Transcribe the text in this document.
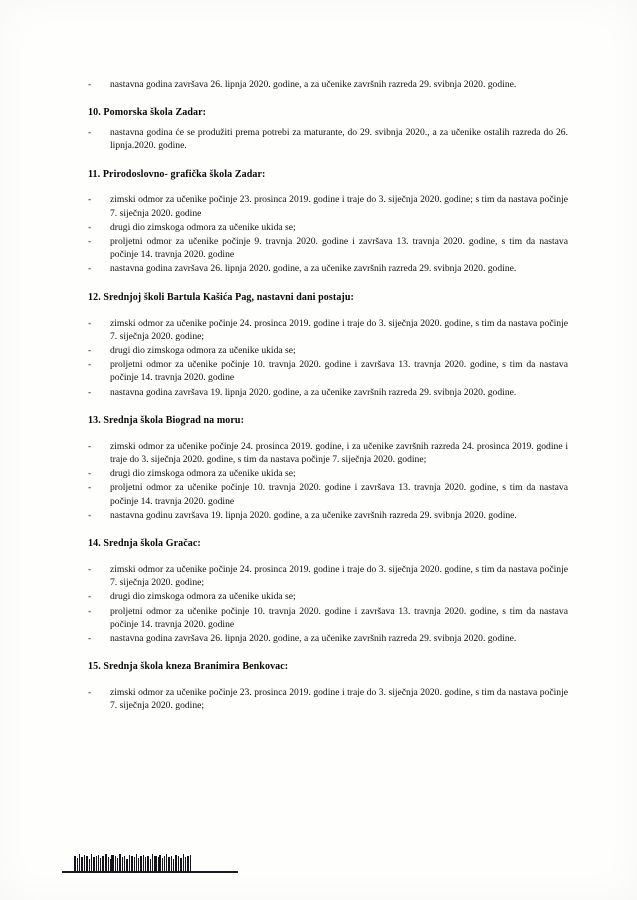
-	nastavna godina završava 26. lipnja 2020. godine, a za učenike završnih razreda 29. svibnja 2020. godine.
10. Pomorska škola Zadar:
-	nastavna godina će se produžiti prema potrebi za maturante, do 29. svibnja 2020., a za učenike ostalih razreda do 26. lipnja.2020. godine.
11. Prirodoslovno- grafička škola Zadar:
-	zimski odmor za učenike počinje 23. prosinca 2019. godine i traje do 3. siječnja 2020. godine; s tim da nastava počinje 7. siječnja 2020. godine
-	drugi dio zimskoga odmora za učenike ukida se;
-	proljetni odmor za učenike počinje 9. travnja 2020. godine i završava 13. travnja 2020. godine, s tim da nastava počinje 14. travnja 2020. godine
-	nastavna godina završava 26. lipnja 2020. godine, a za učenike završnih razreda 29. svibnja 2020. godine.
12. Srednjoj školi Bartula Kašića Pag, nastavni dani postaju:
-	zimski odmor za učenike počinje 24. prosinca 2019. godine i traje do 3. siječnja 2020. godine, s tim da nastava počinje 7. siječnja 2020. godine;
-	drugi dio zimskoga odmora za učenike ukida se;
-	proljetni odmor za učenike počinje 10. travnja 2020. godine i završava 13. travnja 2020. godine, s tim da nastava počinje 14. travnja 2020. godine
-	nastavna godina završava 19. lipnja 2020. godine, a za učenike završnih razreda 29. svibnja 2020. godine.
13. Srednja škola Biograd na moru:
-	zimski odmor za učenike počinje 24. prosinca 2019. godine, i za učenike završnih razreda 24. prosinca 2019. godine i traje do 3. siječnja 2020. godine, s tim da nastava počinje 7. siječnja 2020. godine;
-	drugi dio zimskoga odmora za učenike ukida se;
-	proljetni odmor za učenike počinje 10. travnja 2020. godine i završava 13. travnja 2020. godine, s tim da nastava počinje 14. travnja 2020. godine
-	nastavna godinu završava 19. lipnja 2020. godine, a za učenike završnih razreda 29. svibnja 2020. godine.
14. Srednja škola Gračac:
-	zimski odmor za učenike počinje 24. prosinca 2019. godine i traje do 3. siječnja 2020. godine, s tim da nastava počinje 7. siječnja 2020. godine;
-	drugi dio zimskoga odmora za učenike ukida se;
-	proljetni odmor za učenike počinje 10. travnja 2020. godine i završava 13. travnja 2020. godine, s tim da nastava počinje 14. travnja 2020. godine
-	nastavna godina završava 26. lipnja 2020. godine, a za učenike završnih razreda 29. svibnja 2020. godine.
15. Srednja škola kneza Branimira Benkovac:
-	zimski odmor za učenike počinje 23. prosinca 2019. godine i traje do 3. siječnja 2020. godine, s tim da nastava počinje 7. siječnja 2020. godine;
